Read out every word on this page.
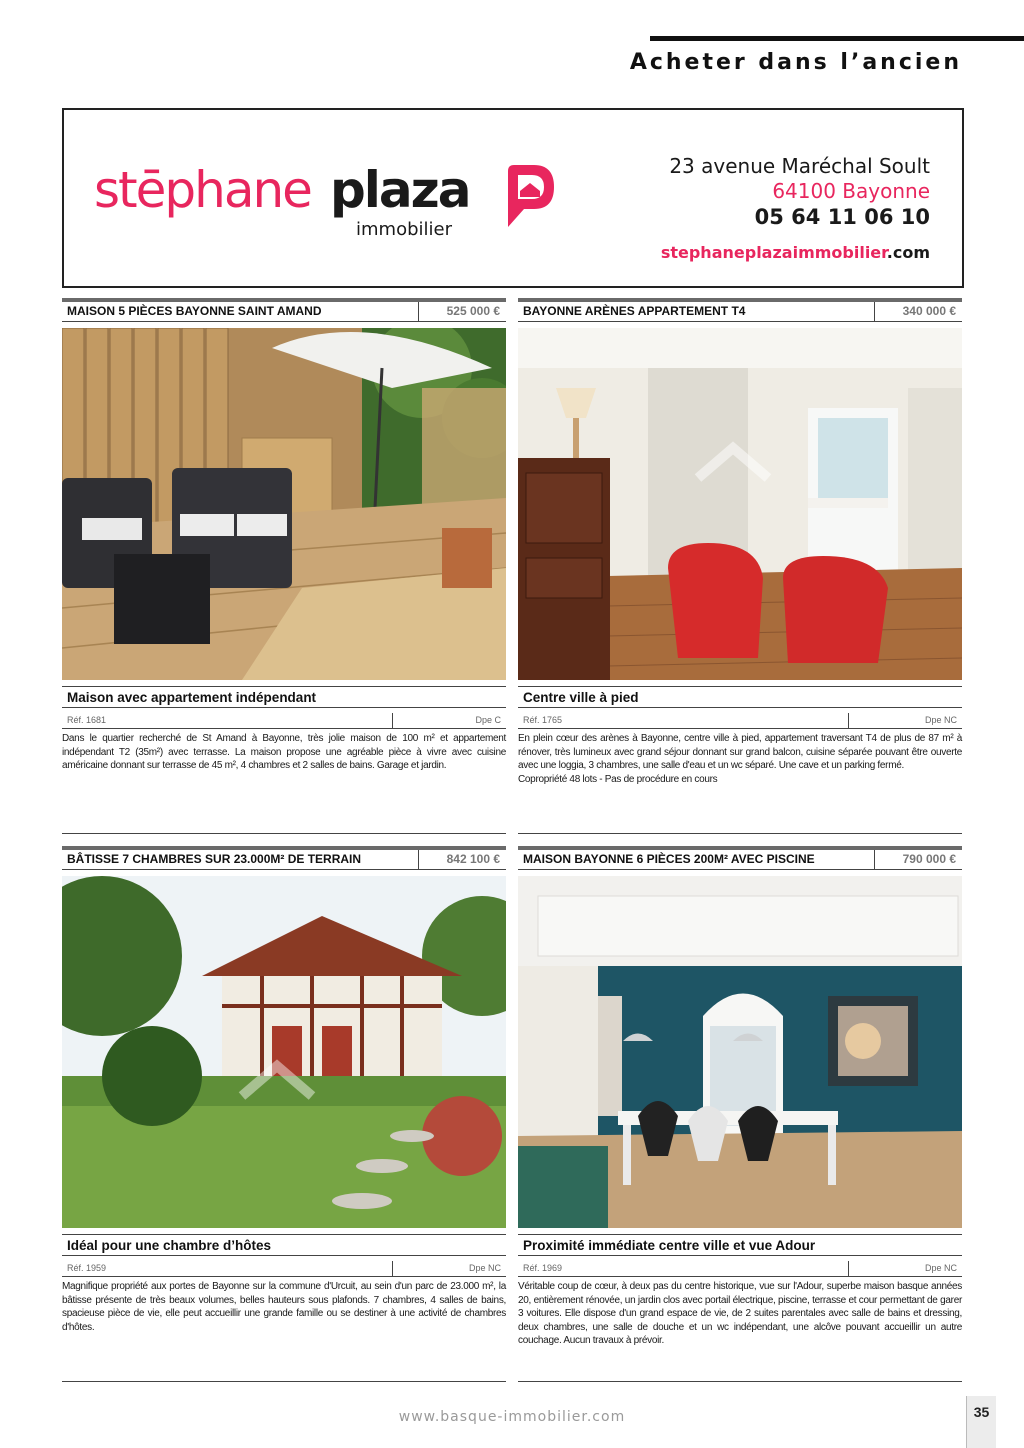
Acheter dans l’ancien
stēphane plaza
immobilier
23 avenue Maréchal Soult
64100 Bayonne
05 64 11 06 10
stephaneplazaimmobilier.com
MAISON 5 PIÈCES BAYONNE SAINT AMAND	525 000 €
Maison avec appartement indépendant
Réf. 1681	Dpe C
Dans le quartier recherché de St Amand à Bayonne, très jolie maison de 100 m² et appartement indépendant T2 (35m²) avec terrasse. La maison propose une agréable pièce à vivre avec cuisine américaine donnant sur terrasse de 45 m², 4 chambres et 2 salles de bains. Garage et jardin.
BAYONNE ARÈNES APPARTEMENT T4	340 000 €
Centre ville à pied
Réf. 1765	Dpe NC
En plein cœur des arènes à Bayonne, centre ville à pied, appartement traversant T4 de plus de 87 m² à rénover, très lumineux avec grand séjour donnant sur grand balcon, cuisine séparée pouvant être ouverte avec une loggia, 3 chambres, une salle d'eau et un wc séparé. Une cave et un parking fermé.
Copropriété 48 lots - Pas de procédure en cours
BÂTISSE 7 CHAMBRES SUR 23.000M² DE TERRAIN	842 100 €
Idéal pour une chambre d’hôtes
Réf. 1959	Dpe NC
Magnifique propriété aux portes de Bayonne sur la commune d'Urcuit, au sein d'un parc de 23.000 m², la bâtisse présente de très beaux volumes, belles hauteurs sous plafonds. 7 chambres, 4 salles de bains, spacieuse pièce de vie, elle peut accueillir une grande famille ou se destiner à une activité de chambres d'hôtes.
MAISON BAYONNE 6 PIÈCES 200M² AVEC PISCINE	790 000 €
Proximité immédiate centre ville et vue Adour
Réf. 1969	Dpe NC
Véritable coup de cœur, à deux pas du centre historique, vue sur l'Adour, superbe maison basque années 20, entièrement rénovée, un jardin clos avec portail électrique, piscine, terrasse et cour permettant de garer 3 voitures. Elle dispose d'un grand espace de vie, de 2 suites parentales avec salle de bains et dressing, deux chambres, une salle de douche et un wc indépendant, une alcôve pouvant accueillir un autre couchage. Aucun travaux à prévoir.
www.basque-immobilier.com	35
